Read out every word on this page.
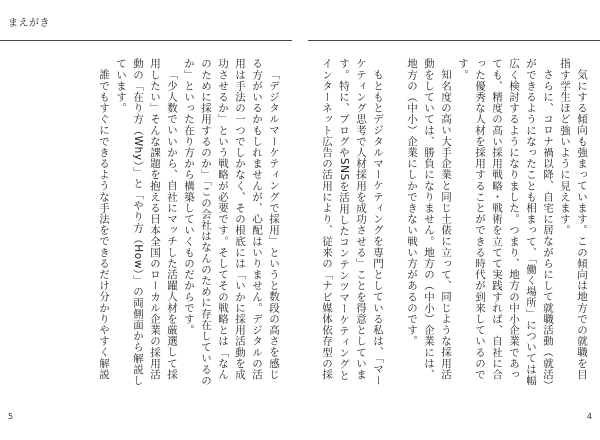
まえがき

気にする傾向も強まっています。この傾向は地方での就職を目指す学生ほど強いように見えます。

さらに、コロナ禍以降、自宅に居ながらにして就職活動（就活）ができるようになったことも相まって、「働く場所」については幅広く検討するようになりました。つまり、地方の中小企業であっても、精度の高い採用戦略・戦術を立てて実践すれば、自社に合った優秀な人材を採用することができる時代が到来しているのです。

知名度の高い大手企業と同じ土俵に立って、同じような採用活動をしていては、勝負になりません。地方の（中小）企業には、地方の（中小）企業にしかできない戦い方があるのです。

もともとデジタルマーケティングを専門としている私は、「マーケティング思考で人材採用を成功させる」ことを得意としています。特に、ブログやSNSを活用したコンテンツマーケティングとインターネット広告の活用により、従来の「ナビ媒体依存型の採

「デジタルマーケティングで採用」というと数段の高さを感じる方がいるかもしれませんが、心配はいりません。デジタルの活用は手法の一つでしかなく、その根底には「いかに採用活動を成功させるか」という戦略が必要です。そしてその戦略とは「なんのために採用するのか」「この会社はなんのために存在しているのか」といった在り方から構築していくものだからです。

「少人数でいいから、自社にマッチした活躍人材を厳選して採用したい」そんな課題を抱える日本全国のローカル企業の採用活動の「在り方（Why）」と「やり方（How）」の両側面から解説しています。

誰でもすぐにできるような手法をできるだけ分かりやすく解説

5	4
